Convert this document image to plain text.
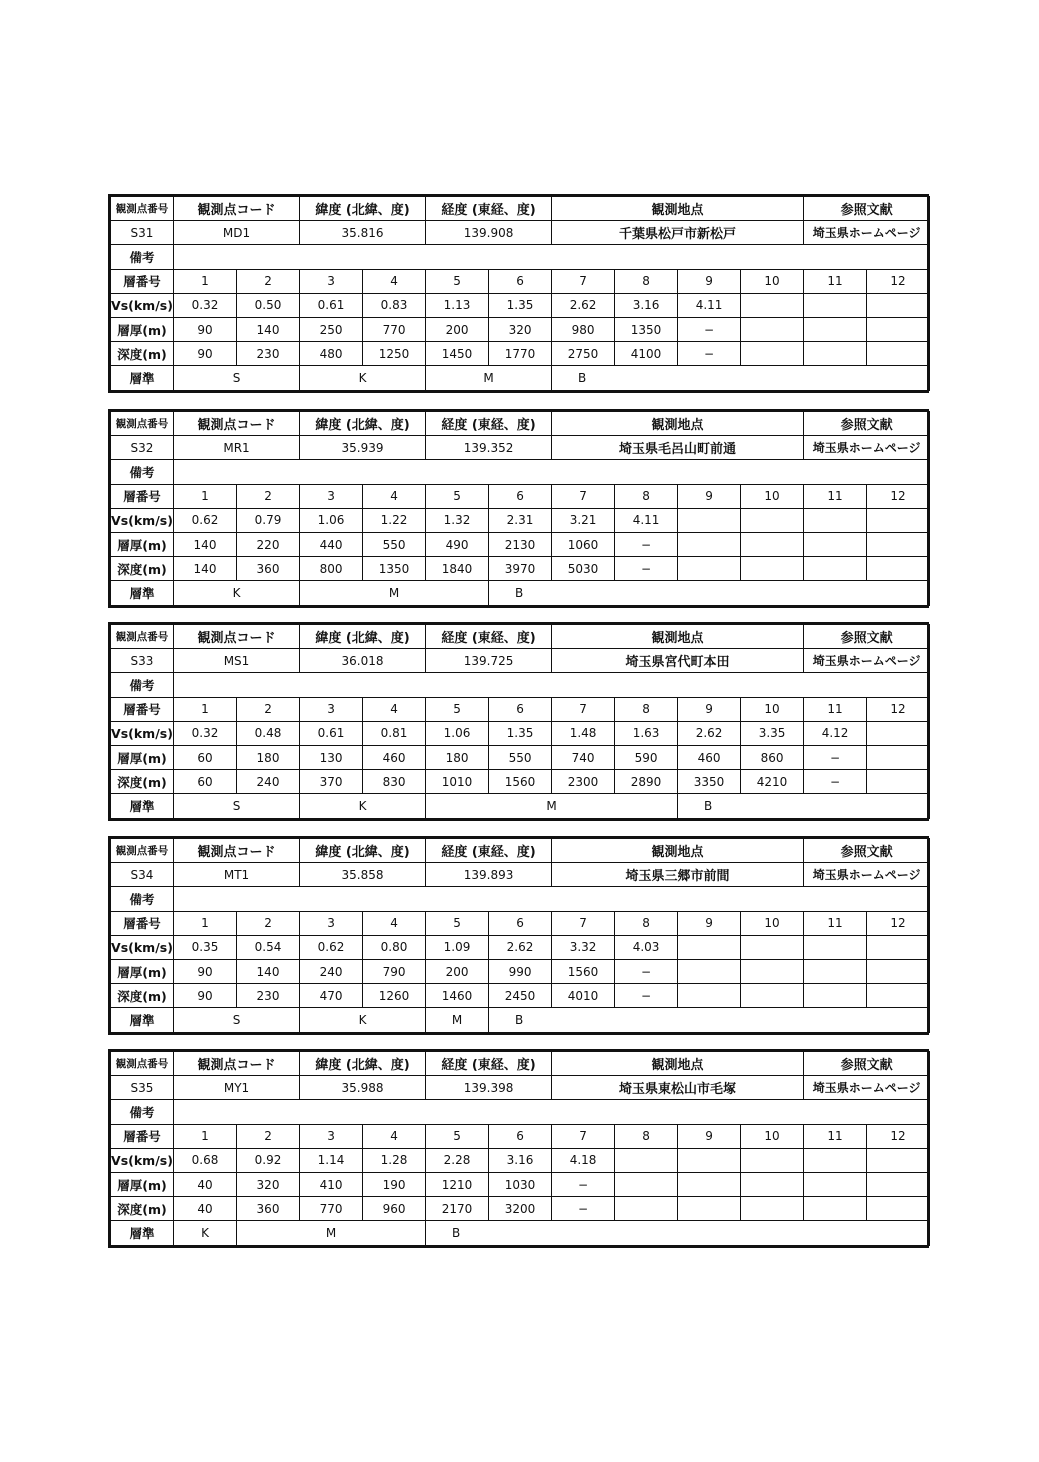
観測点番号	観測点コード		緯度 (北緯、度)		経度 (東経、度)		観測地点				参照文献	
S31	MD1		35.816		139.908		千葉県松戸市新松戸				埼玉県ホームページ	
備考												
層番号	1	2	3	4	5	6	7	8	9	10	11	12
Vs(km/s)	0.32	0.50	0.61	0.83	1.13	1.35	2.62	3.16	4.11			
層厚(m)	90	140	250	770	200	320	980	1350	−			
深度(m)	90	230	480	1250	1450	1770	2750	4100	−			
層準	S		K		M		B					
観測点番号	観測点コード		緯度 (北緯、度)		経度 (東経、度)		観測地点				参照文献	
S32	MR1		35.939		139.352		埼玉県毛呂山町前通				埼玉県ホームページ	
備考												
層番号	1	2	3	4	5	6	7	8	9	10	11	12
Vs(km/s)	0.62	0.79	1.06	1.22	1.32	2.31	3.21	4.11				
層厚(m)	140	220	440	550	490	2130	1060	−				
深度(m)	140	360	800	1350	1840	3970	5030	−				
層準	K		M			B						
観測点番号	観測点コード		緯度 (北緯、度)		経度 (東経、度)		観測地点				参照文献	
S33	MS1		36.018		139.725		埼玉県宮代町本田				埼玉県ホームページ	
備考												
層番号	1	2	3	4	5	6	7	8	9	10	11	12
Vs(km/s)	0.32	0.48	0.61	0.81	1.06	1.35	1.48	1.63	2.62	3.35	4.12	
層厚(m)	60	180	130	460	180	550	740	590	460	860	−	
深度(m)	60	240	370	830	1010	1560	2300	2890	3350	4210	−	
層準	S		K		M				B			
観測点番号	観測点コード		緯度 (北緯、度)		経度 (東経、度)		観測地点				参照文献	
S34	MT1		35.858		139.893		埼玉県三郷市前間				埼玉県ホームページ	
備考												
層番号	1	2	3	4	5	6	7	8	9	10	11	12
Vs(km/s)	0.35	0.54	0.62	0.80	1.09	2.62	3.32	4.03				
層厚(m)	90	140	240	790	200	990	1560	−				
深度(m)	90	230	470	1260	1460	2450	4010	−				
層準	S		K		M	B						
観測点番号	観測点コード		緯度 (北緯、度)		経度 (東経、度)		観測地点				参照文献	
S35	MY1		35.988		139.398		埼玉県東松山市毛塚				埼玉県ホームページ	
備考												
層番号	1	2	3	4	5	6	7	8	9	10	11	12
Vs(km/s)	0.68	0.92	1.14	1.28	2.28	3.16	4.18					
層厚(m)	40	320	410	190	1210	1030	−					
深度(m)	40	360	770	960	2170	3200	−					
層準	K	M			B							
